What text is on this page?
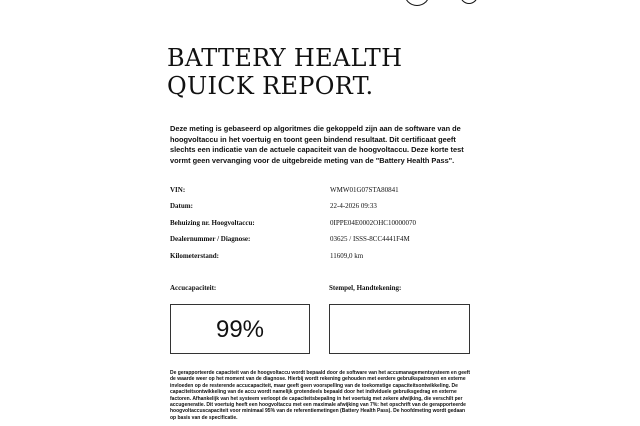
BATTERY HEALTH
QUICK REPORT.

Deze meting is gebaseerd op algoritmes die gekoppeld zijn aan de software van de hoogvoltaccu in het voertuig en toont geen bindend resultaat. Dit certificaat geeft slechts een indicatie van de actuele capaciteit van de hoogvoltaccu. Deze korte test vormt geen vervanging voor de uitgebreide meting van de "Battery Health Pass".

VIN:	WMW01G07STA80841
Datum:	22-4-2026 09:33
Behuizing nr. Hoogvoltaccu:	0IPPE04E0002OHC10000070
Dealernummer / Diagnose:	03625 / ISSS-8CC4441F4M
Kilometerstand:	11609,0 km
Accucapaciteit:	Stempel, Handtekening:
99%

De gerapporteerde capaciteit van de hoogvoltaccu wordt bepaald door de software van het accumanagementsysteem en geeft de waarde weer op het moment van de diagnose. Hierbij wordt rekening gehouden met eerdere gebruikspatronen en externe invloeden op de resterende accucapaciteit, maar geeft geen voorspelling van de toekomstige capaciteitsontwikkeling. De capaciteitsontwikkeling van de accu wordt namelijk grotendeels bepaald door het individuele gebruiksgedrag en externe factoren. Afhankelijk van het systeem verloopt de capaciteitsbepaling in het voertuig met zekere afwijking, die verschilt per accugeneratie. Dit voertuig heeft een hoogvoltaccu met een maximale afwijking van 7%: het opschrift van de gerapporteerde hoogvoltaccuscapaciteit voor minimaal 95% van de referentiemetingen (Battery Health Pass). De hoofdmeting wordt gedaan op basis van de specificatie.
